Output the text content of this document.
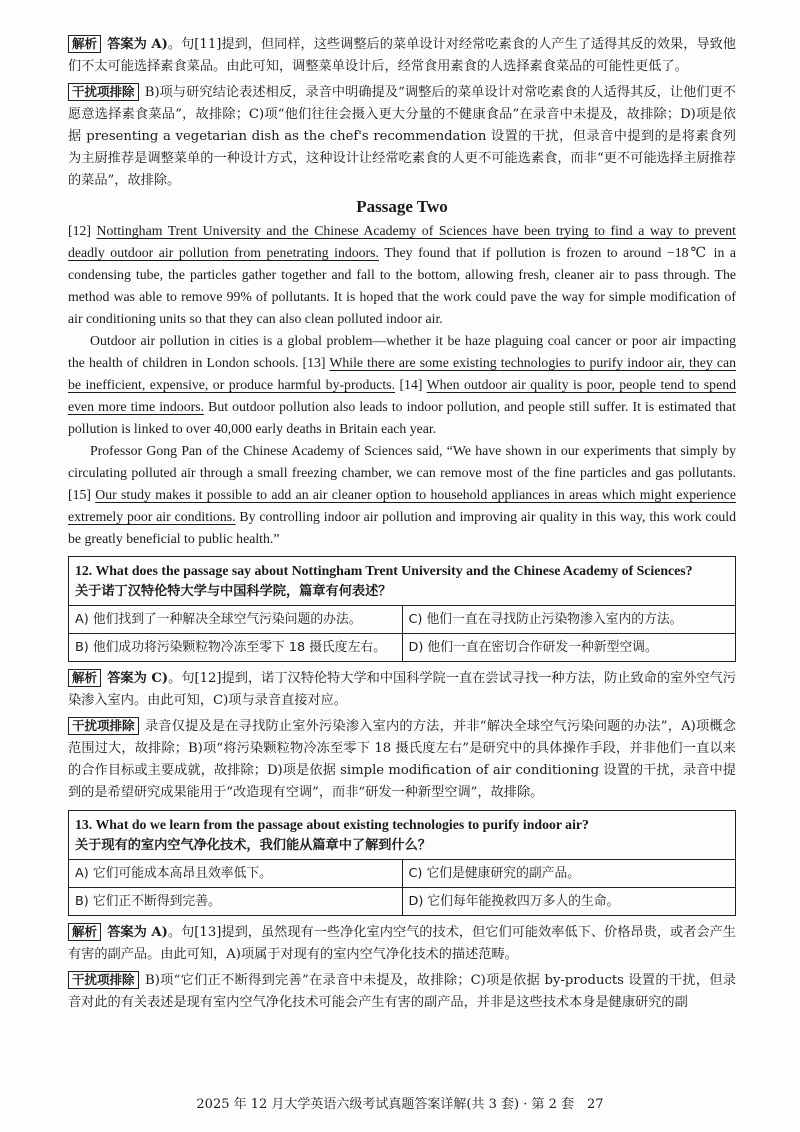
解析 答案为 A)。句[11]提到，但同样，这些调整后的菜单设计对经常吃素食的人产生了适得其反的效果，导致他们不太可能选择素食菜品。由此可知，调整菜单设计后，经常食用素食的人选择素食菜品的可能性更低了。

干扰项排除 B)项与研究结论表述相反，录音中明确提及“调整后的菜单设计对常吃素食的人适得其反，让他们更不愿意选择素食菜品”，故排除；C)项“他们往往会摄入更大分量的不健康食品”在录音中未提及，故排除；D)项是依据 presenting a vegetarian dish as the chef's recommendation 设置的干扰，但录音中提到的是将素食列为主厨推荐是调整菜单的一种设计方式，这种设计让经常吃素食的人更不可能选素食，而非“更不可能选择主厨推荐的菜品”，故排除。

Passage Two

[12] Nottingham Trent University and the Chinese Academy of Sciences have been trying to find a way to prevent deadly outdoor air pollution from penetrating indoors. They found that if pollution is frozen to around −18℃ in a condensing tube, the particles gather together and fall to the bottom, allowing fresh, cleaner air to pass through. The method was able to remove 99% of pollutants. It is hoped that the work could pave the way for simple modification of air conditioning units so that they can also clean polluted indoor air.

Outdoor air pollution in cities is a global problem—whether it be haze plaguing coal cancer or poor air impacting the health of children in London schools. [13] While there are some existing technologies to purify indoor air, they can be inefficient, expensive, or produce harmful by-products. [14] When outdoor air quality is poor, people tend to spend even more time indoors. But outdoor pollution also leads to indoor pollution, and people still suffer. It is estimated that pollution is linked to over 40,000 early deaths in Britain each year.

Professor Gong Pan of the Chinese Academy of Sciences said, “We have shown in our experiments that simply by circulating polluted air through a small freezing chamber, we can remove most of the fine particles and gas pollutants. [15] Our study makes it possible to add an air cleaner option to household appliances in areas which might experience extremely poor air conditions. By controlling indoor air pollution and improving air quality in this way, this work could be greatly beneficial to public health.”

12. What does the passage say about Nottingham Trent University and the Chinese Academy of Sciences?
关于诺丁汉特伦特大学与中国科学院，篇章有何表述？	

A) 他们找到了一种解决全球空气污染问题的办法。	C) 他们一直在寻找防止污染物渗入室内的方法。
B) 他们成功将污染颗粒物冷冻至零下 18 摄氏度左右。	D) 他们一直在密切合作研发一种新型空调。

解析 答案为 C)。句[12]提到，诺丁汉特伦特大学和中国科学院一直在尝试寻找一种方法，防止致命的室外空气污染渗入室内。由此可知，C)项与录音直接对应。

干扰项排除 录音仅提及是在寻找防止室外污染渗入室内的方法，并非“解决全球空气污染问题的办法”，A)项概念范围过大，故排除；B)项“将污染颗粒物冷冻至零下 18 摄氏度左右”是研究中的具体操作手段，并非他们一直以来的合作目标或主要成就，故排除；D)项是依据 simple modification of air conditioning 设置的干扰，录音中提到的是希望研究成果能用于“改造现有空调”，而非“研发一种新型空调”，故排除。

13. What do we learn from the passage about existing technologies to purify indoor air?
关于现有的室内空气净化技术，我们能从篇章中了解到什么？	

A) 它们可能成本高昂且效率低下。	C) 它们是健康研究的副产品。
B) 它们正不断得到完善。	D) 它们每年能挽救四万多人的生命。

解析 答案为 A)。句[13]提到，虽然现有一些净化室内空气的技术，但它们可能效率低下、价格昂贵，或者会产生有害的副产品。由此可知，A)项属于对现有的室内空气净化技术的描述范畴。

干扰项排除 B)项“它们正不断得到完善”在录音中未提及，故排除；C)项是依据 by-products 设置的干扰，但录音对此的有关表述是现有室内空气净化技术可能会产生有害的副产品，并非是这些技术本身是健康研究的副

2025 年 12 月大学英语六级考试真题答案详解(共 3 套) · 第 2 套　27
